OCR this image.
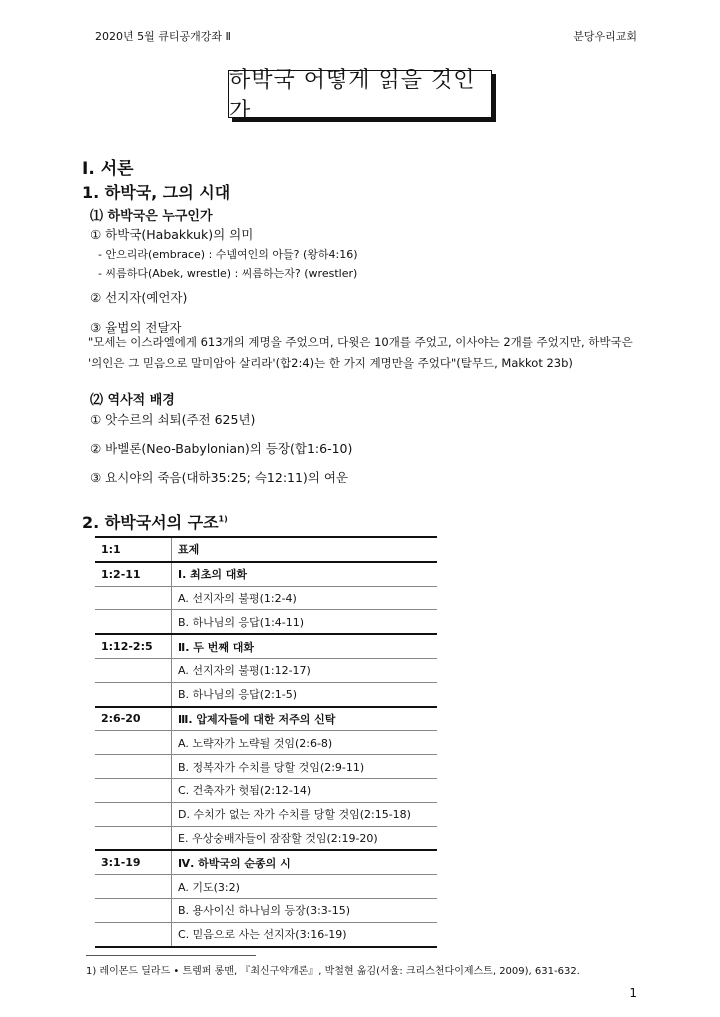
2020년 5월 큐티공개강좌 Ⅱ	분당우리교회
하박국 어떻게 읽을 것인가
I. 서론
1. 하박국, 그의 시대
⑴ 하박국은 누구인가
① 하박국(Habakkuk)의 의미
- 안으리라(embrace) : 수넴여인의 아들? (왕하4:16)
- 씨름하다(Abek, wrestle) : 씨름하는자? (wrestler)
② 선지자(예언자)
③ 율법의 전달자
"모세는 이스라엘에게 613개의 계명을 주었으며, 다윗은 10개를 주었고, 이사야는 2개를 주었지만, 하박국은 '의인은 그 믿음으로 말미암아 살리라'(합2:4)는 한 가지 계명만을 주었다"(탈무드, Makkot 23b)
⑵ 역사적 배경
① 앗수르의 쇠퇴(주전 625년)
② 바벨론(Neo-Babylonian)의 등장(합1:6-10)
③ 요시야의 죽음(대하35:25; 슥12:11)의 여운
2. 하박국서의 구조$^{1)}$
1:1	표제
1:2-11	Ⅰ. 최초의 대화
	A. 선지자의 불평(1:2-4)
	B. 하나님의 응답(1:4-11)
1:12-2:5	Ⅱ. 두 번째 대화
	A. 선지자의 불평(1:12-17)
	B. 하나님의 응답(2:1-5)
2:6-20	Ⅲ. 압제자들에 대한 저주의 신탁
	A. 노략자가 노략될 것임(2:6-8)
	B. 정복자가 수치를 당할 것임(2:9-11)
	C. 건축자가 헛됨(2:12-14)
	D. 수치가 없는 자가 수치를 당할 것임(2:15-18)
	E. 우상숭배자들이 잠잠할 것임(2:19-20)
3:1-19	Ⅳ. 하박국의 순종의 시
	A. 기도(3:2)
	B. 용사이신 하나님의 등장(3:3-15)
	C. 믿음으로 사는 선지자(3:16-19)
1) 레이몬드 딜라드 • 트렘퍼 롱맨, 『최신구약개론』, 박철현 옮김(서울: 크리스천다이제스트, 2009), 631-632.
1
